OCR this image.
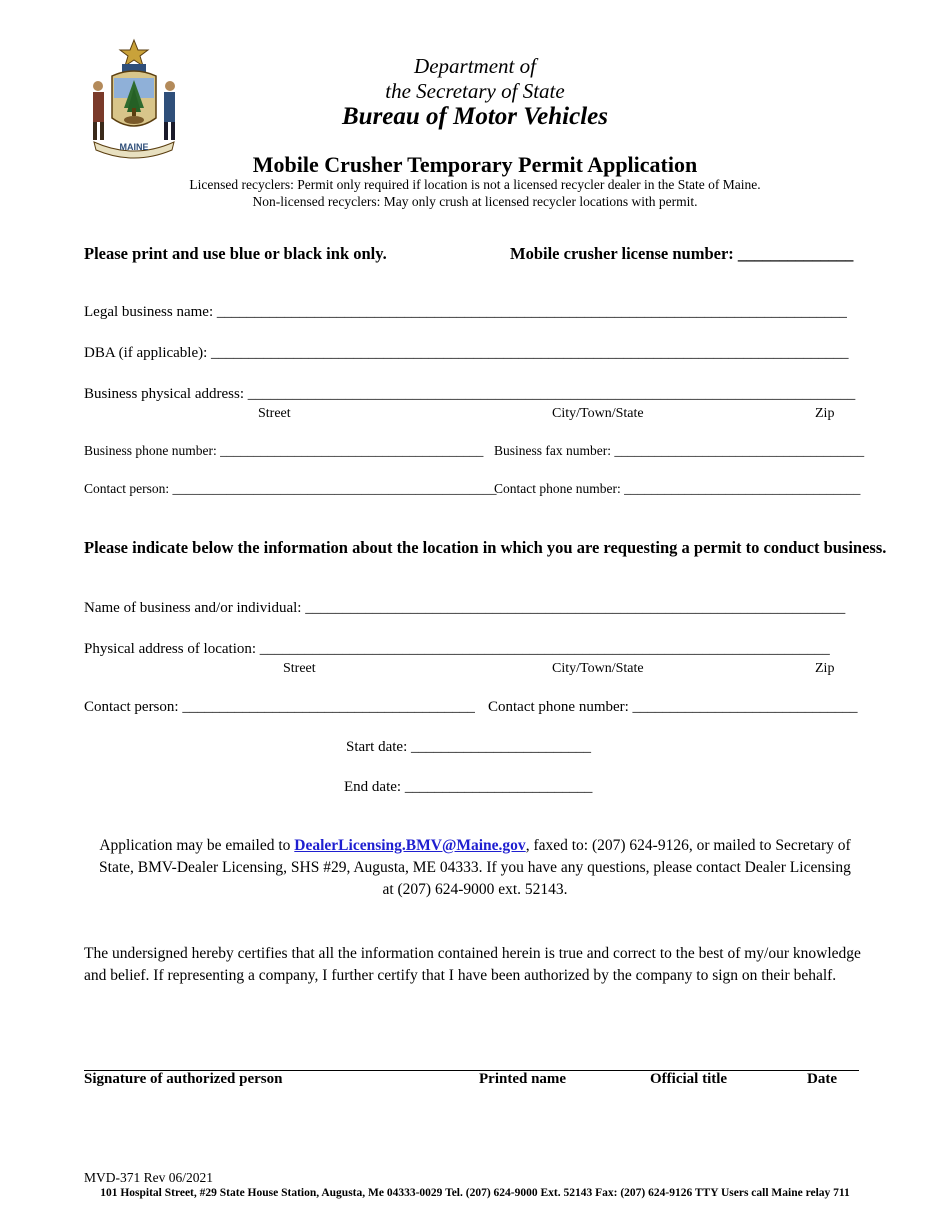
MAINE
Department of
the Secretary of State
Bureau of Motor Vehicles
Mobile Crusher Temporary Permit Application
Licensed recyclers: Permit only required if location is not a licensed recycler dealer in the State of Maine.
Non-licensed recyclers: May only crush at licensed recycler locations with permit.
Please print and use blue or black ink only.	Mobile crusher license number: ______________
Legal business name: ____________________________________________________________________________________
DBA (if applicable): _____________________________________________________________________________________
Business physical address: _________________________________________________________________________________
Street	City/Town/State	Zip
Business phone number: _______________________________________ Business fax number: _____________________________________
Contact person: ________________________________________________
Contact phone number: ___________________________________
Please indicate below the information about the location in which you are requesting a permit to conduct business.
Name of business and/or individual: ________________________________________________________________________
Physical address of location: ____________________________________________________________________________
Street	City/Town/State	Zip
Contact person: _______________________________________ Contact phone number: ______________________________
Start date: ________________________
End date: _________________________
Application may be emailed to DealerLicensing.BMV@Maine.gov, faxed to: (207) 624-9126, or mailed to Secretary of State, BMV-Dealer Licensing, SHS #29, Augusta, ME 04333. If you have any questions, please contact Dealer Licensing at (207) 624-9000 ext. 52143.
The undersigned hereby certifies that all the information contained herein is true and correct to the best of my/our knowledge and belief. If representing a company, I further certify that I have been authorized by the company to sign on their behalf.
Signature of authorized person	Printed name	Official title	Date
MVD-371 Rev 06/2021
101 Hospital Street, #29 State House Station, Augusta, Me 04333-0029 Tel. (207) 624-9000 Ext. 52143 Fax: (207) 624-9126 TTY Users call Maine relay 711
